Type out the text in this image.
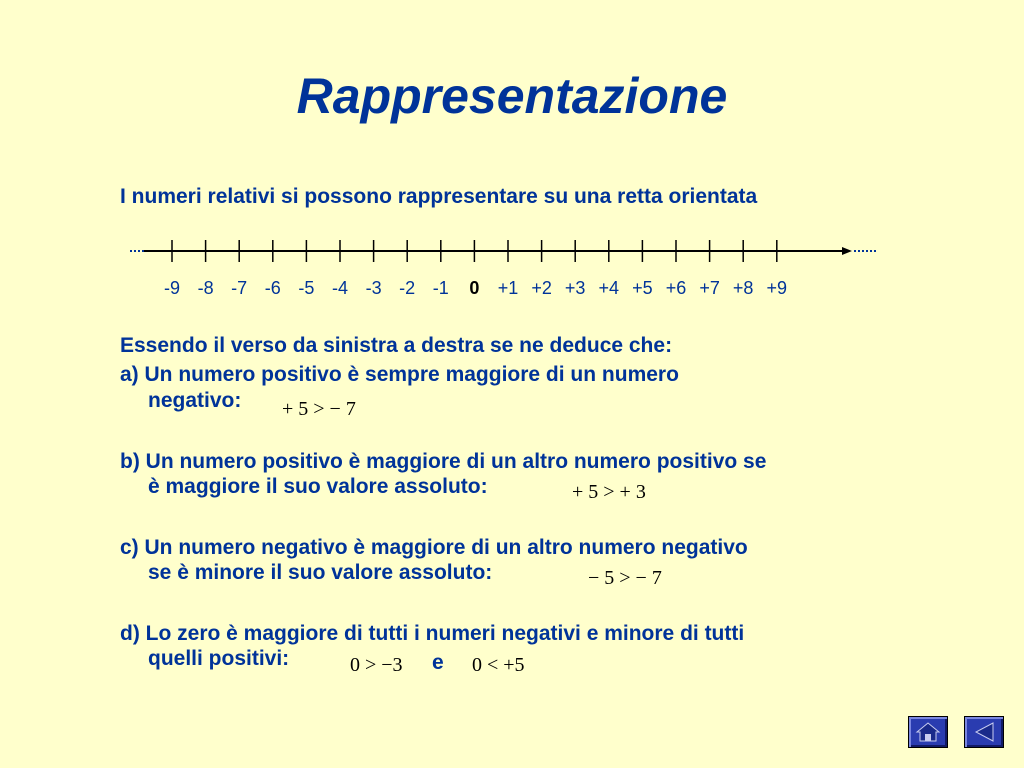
Rappresentazione
I numeri relativi si possono rappresentare su una retta orientata
-9 -8 -7 -6 -5 -4 -3 -2 -1	0	+1 +2 +3 +4 +5 +6 +7 +8 +9
Essendo il verso da sinistra a destra se ne deduce che:
a) Un numero positivo è sempre maggiore di un numero
negativo: + 5 > − 7
b) Un numero positivo è maggiore di un altro numero positivo se
è maggiore il suo valore assoluto:	+ 5 > + 3
c) Un numero negativo è maggiore di un altro numero negativo
se è minore il suo valore assoluto:	− 5 > − 7
d) Lo zero è maggiore di tutti i numeri negativi e minore di tutti
quelli positivi:	0 > −3 e 0 < +5
